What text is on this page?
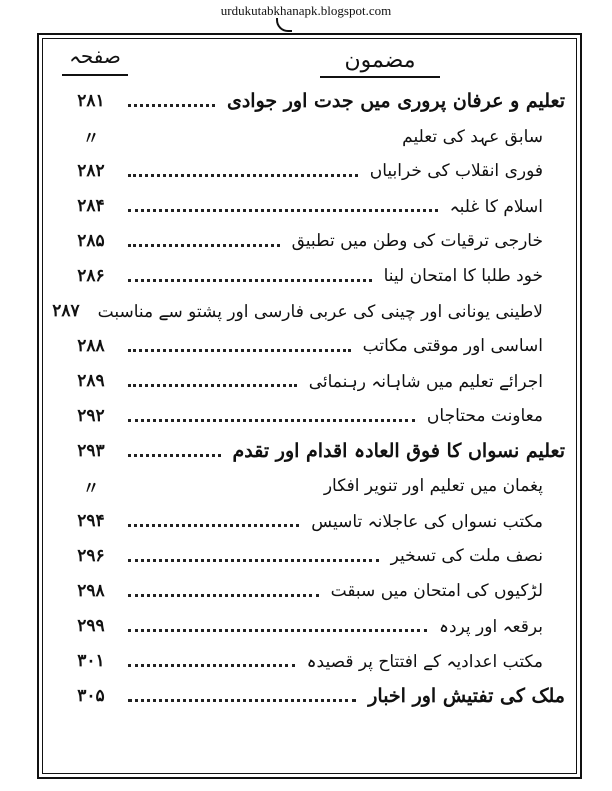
urdukutabkhanapk.blogspot.com
صفحہ	مضمون
تعلیم و عرفان پروری میں جدت اور جوادی
۲۸۱
سابق عہد کی تعلیم
〃
فوری انقلاب کی خرابیاں
۲۸۲
اسلام کا غلبہ
۲۸۴
خارجی ترقیات کی وطن میں تطبیق
۲۸۵
خود طلبا کا امتحان لینا
۲۸۶
لاطینی یونانی اور چینی کی عربی فارسی اور پشتو سے مناسبت
۲۸۷
اساسی اور موقتی مکاتب
۲۸۸
اجرائے تعلیم میں شاہانہ رہنمائی
۲۸۹
معاونت محتاجاں
۲۹۲
تعلیم نسواں کا فوق العادہ اقدام اور تقدم
۲۹۳
پغمان میں تعلیم اور تنویر افکار
〃
مکتب نسواں کی عاجلانہ تاسیس
۲۹۴
نصف ملت کی تسخیر
۲۹۶
لڑکیوں کی امتحان میں سبقت
۲۹۸
برقعہ اور پردہ
۲۹۹
مکتب اعدادیہ کے افتتاح پر قصیدہ
۳۰۱
ملک کی تفتیش اور اخبار
۳۰۵
